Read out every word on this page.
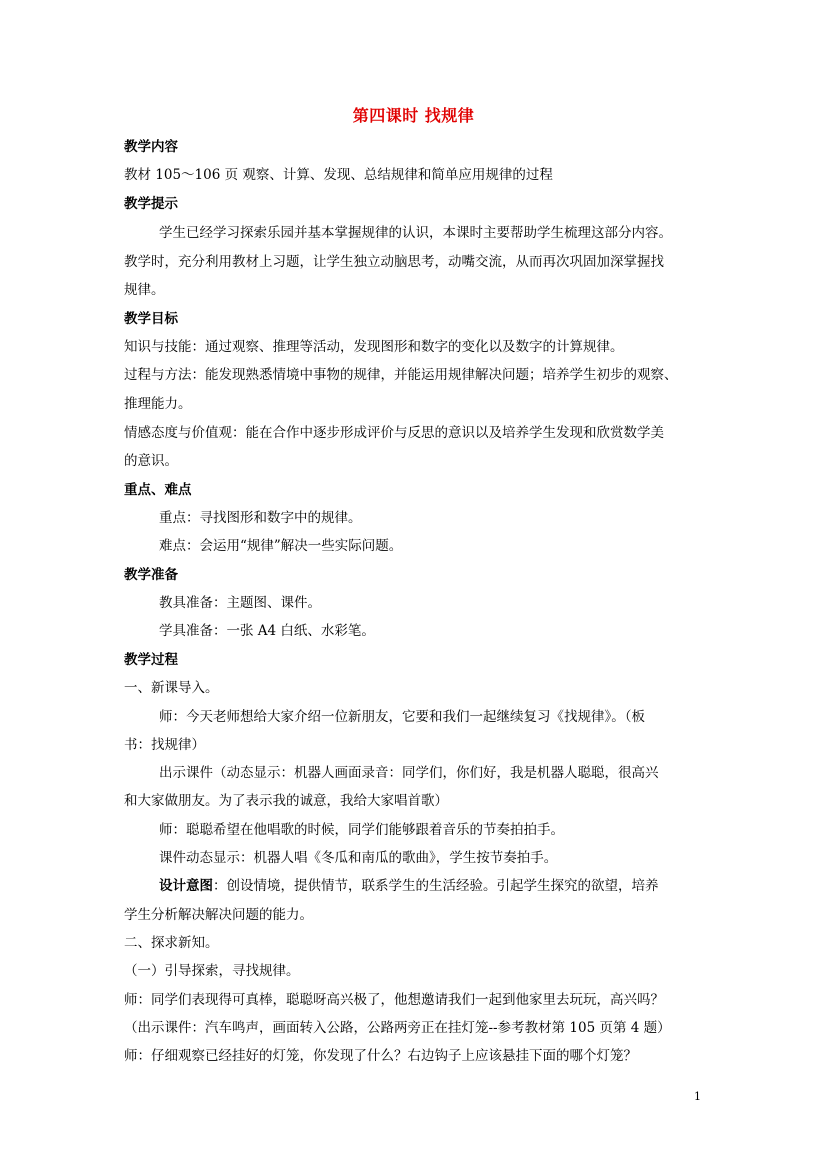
第四课时 找规律
教学内容
教材 105～106 页 观察、计算、发现、总结规律和简单应用规律的过程
教学提示
学生已经学习探索乐园并基本掌握规律的认识，本课时主要帮助学生梳理这部分内容。
教学时，充分利用教材上习题，让学生独立动脑思考，动嘴交流，从而再次巩固加深掌握找
规律。
教学目标
知识与技能：通过观察、推理等活动，发现图形和数字的变化以及数字的计算规律。
过程与方法：能发现熟悉情境中事物的规律，并能运用规律解决问题；培养学生初步的观察、
推理能力。
情感态度与价值观：能在合作中逐步形成评价与反思的意识以及培养学生发现和欣赏数学美
的意识。
重点、难点
重点：寻找图形和数字中的规律。
难点：会运用“规律”解决一些实际问题。
教学准备
教具准备：主题图、课件。
学具准备：一张 A4 白纸、水彩笔。
教学过程
一、新课导入。
师：今天老师想给大家介绍一位新朋友，它要和我们一起继续复习《找规律》。（板
书：找规律）
出示课件（动态显示：机器人画面录音：同学们，你们好，我是机器人聪聪，很高兴
和大家做朋友。为了表示我的诚意，我给大家唱首歌）
师：聪聪希望在他唱歌的时候，同学们能够跟着音乐的节奏拍拍手。
课件动态显示：机器人唱《冬瓜和南瓜的歌曲》，学生按节奏拍手。
设计意图：创设情境，提供情节，联系学生的生活经验。引起学生探究的欲望，培养
学生分析解决解决问题的能力。
二、探求新知。
（一）引导探索，寻找规律。
师：同学们表现得可真棒，聪聪呀高兴极了，他想邀请我们一起到他家里去玩玩，高兴吗？
（出示课件：汽车鸣声，画面转入公路，公路两旁正在挂灯笼--参考教材第 105 页第 4 题）
师：仔细观察已经挂好的灯笼，你发现了什么？右边钩子上应该悬挂下面的哪个灯笼？
1
